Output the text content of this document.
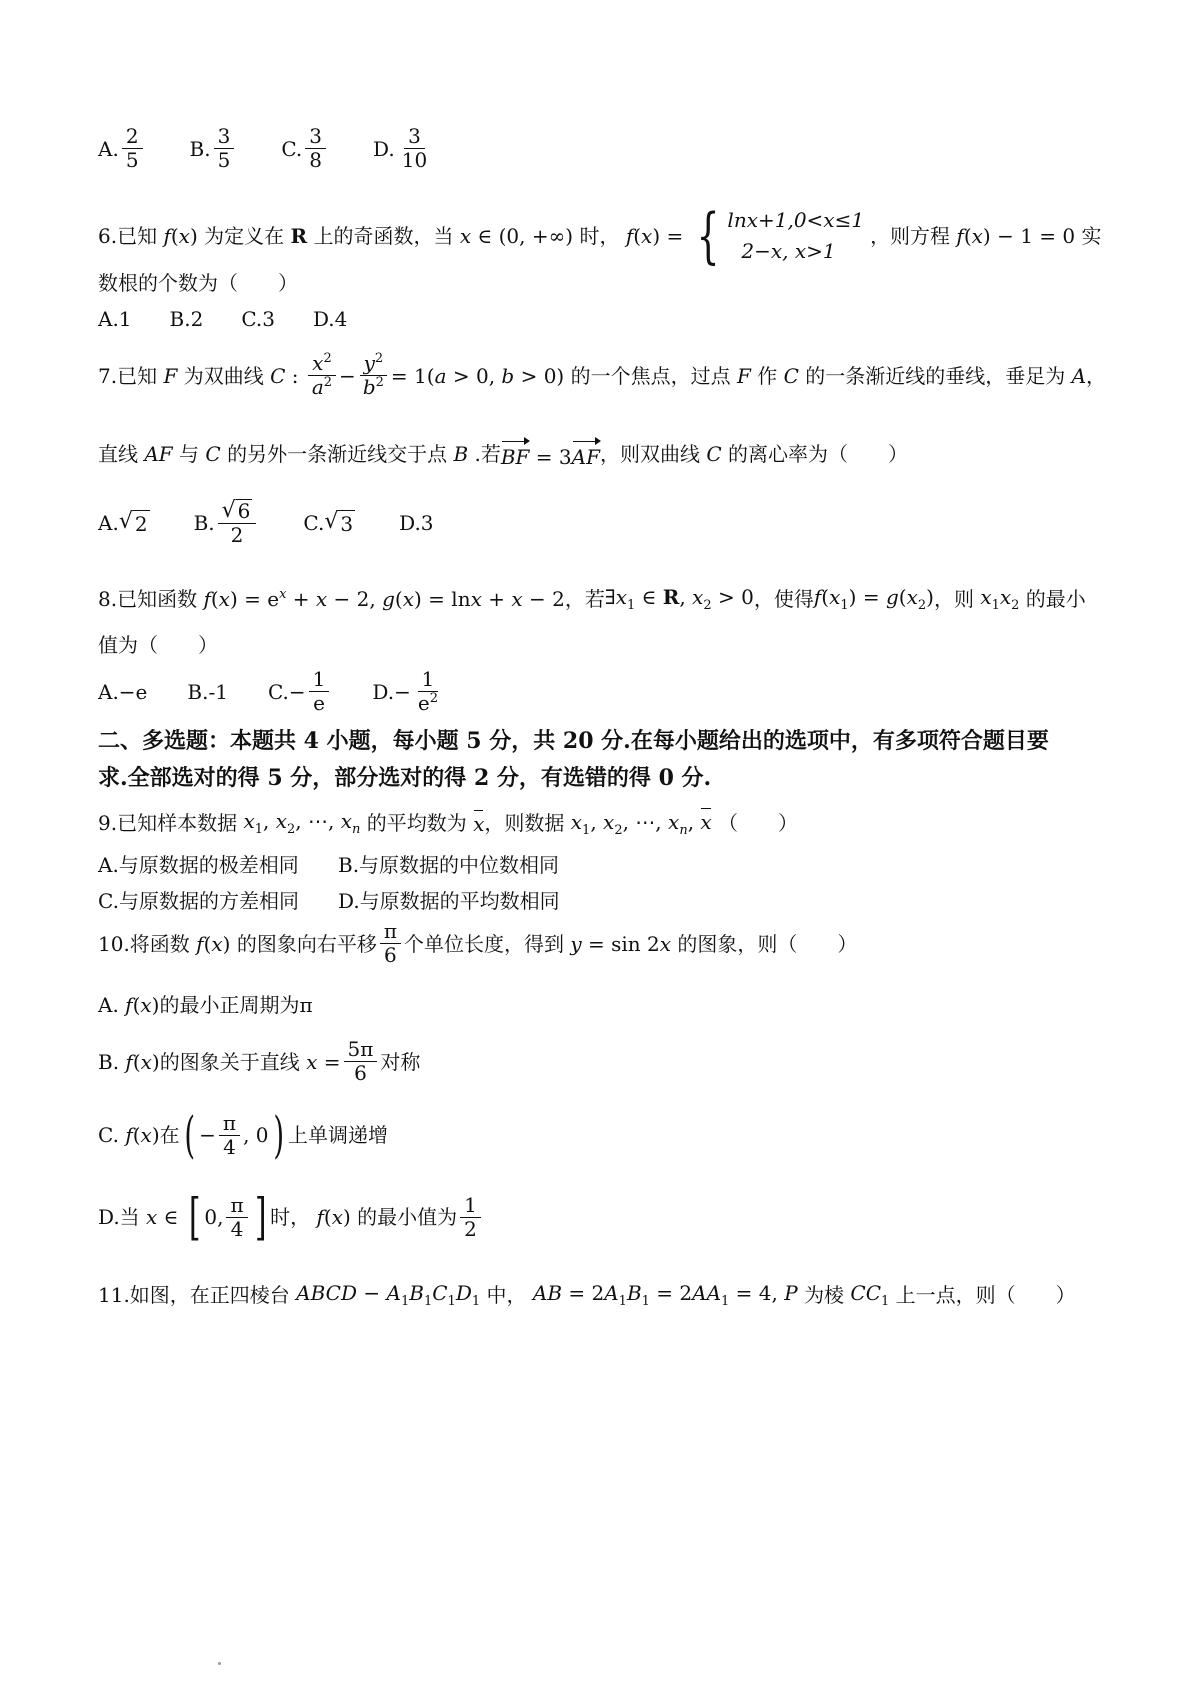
A. $\frac{2}{5} B$. $\frac{3}{5} C$. $\frac{3}{8} D$. $\frac{3}{10}$
6.已知 f(x) 为定义在 R 上的奇函数，当 x ∈ (0, +∞) 时， f(x) = { lnx+1,0<x≤1
2−x, x>1
，则方程 f(x) − 1 = 0 实
数根的个数为（　　）
A.1 B.2 C.3 D.4
7.已知 F 为双曲线 C : $\frac{x^2}{a^2} - \frac{y^2}{b^2} = 1(a > 0$, b > 0) 的一个焦点，过点 F 作 C 的一条渐近线的垂线，垂足为 A ，
直线 AF 与 C 的另外一条渐近线交于点 B .若 BF = 3AF ，则双曲线 C 的离心率为（　　）
A. √ 2 B. $\frac{√ 6}{2} C$. √ 3 D.3
8.已知函数 $f(x) = e^x + x - 2$, g(x) = lnx + x − 2 ，若 $\exists x_1$ ∈ R, $x_2 > 0$ ，使得 $f(x_1) = g(x_2)$ ，则 $x_1x_2$ 的最小
值为（　　）
A.−e B.-1 C. − $\frac{1}{e} D$. − $\frac{1}{e^2}$
二、多选题：本题共 4 小题，每小题 5 分，共 20 分.在每小题给出的选项中，有多项符合题目要
求.全部选对的得 5 分，部分选对的得 2 分，有选错的得 0 分.
9.已知样本数据 $x_1$, $x_2$, ⋯, $x_n$ 的平均数为 x ，则数据 $x_1$, $x_2$, ⋯, $x_n$, x （　　）
A.与原数据的极差相同	B.与原数据的中位数相同
C.与原数据的方差相同	D.与原数据的平均数相同
10.将函数 f(x) 的图象向右平移 $\frac{\pi}{6}$ 个单位长度，得到 y = sin 2x 的图象，则（　　）
A. f(x) 的最小正周期为π
B. f(x) 的图象关于直线 $x = \frac{5\pi}{6}$ 对称
C. f(x) 在 ( − $\frac{\pi}{4}$ , 0 ) 上单调递增
D.当 x ∈ [ 0, $\frac{\pi}{4}$ ] 时， f(x) 的最小值为 $\frac{1}{2}$
11.如图，在正四棱台 ABCD − $A_1B_1C_1D_1$ 中， AB = $2A_1B_1 = 2AA_1 = 4$, P 为棱 $CC_1$ 上一点，则（　　）
